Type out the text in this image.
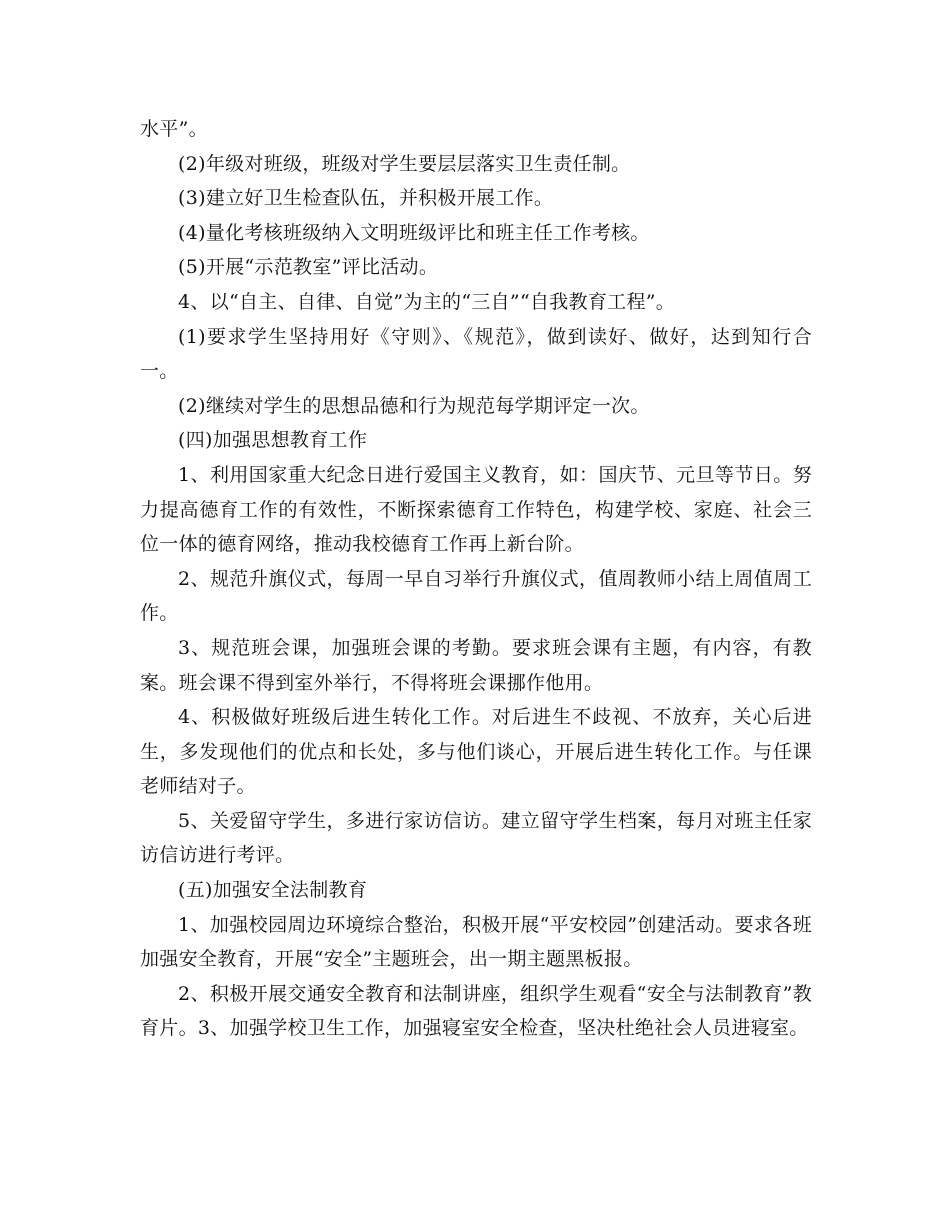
水平”。

(2)年级对班级，班级对学生要层层落实卫生责任制。

(3)建立好卫生检查队伍，并积极开展工作。

(4)量化考核班级纳入文明班级评比和班主任工作考核。

(5)开展“示范教室”评比活动。

4、以“自主、自律、自觉”为主的“三自”“自我教育工程”。

(1)要求学生坚持用好《守则》、《规范》，做到读好、做好，达到知行合一。

(2)继续对学生的思想品德和行为规范每学期评定一次。

(四)加强思想教育工作

1、利用国家重大纪念日进行爱国主义教育，如：国庆节、元旦等节日。努力提高德育工作的有效性，不断探索德育工作特色，构建学校、家庭、社会三位一体的德育网络，推动我校德育工作再上新台阶。

2、规范升旗仪式，每周一早自习举行升旗仪式，值周教师小结上周值周工作。

3、规范班会课，加强班会课的考勤。要求班会课有主题，有内容，有教案。班会课不得到室外举行，不得将班会课挪作他用。

4、积极做好班级后进生转化工作。对后进生不歧视、不放弃，关心后进生，多发现他们的优点和长处，多与他们谈心，开展后进生转化工作。与任课老师结对子。

5、关爱留守学生，多进行家访信访。建立留守学生档案，每月对班主任家访信访进行考评。

(五)加强安全法制教育

1、加强校园周边环境综合整治，积极开展“平安校园”创建活动。要求各班加强安全教育，开展“安全”主题班会，出一期主题黑板报。

2、积极开展交通安全教育和法制讲座，组织学生观看“安全与法制教育”教育片。3、加强学校卫生工作，加强寝室安全检查，坚决杜绝社会人员进寝室。
